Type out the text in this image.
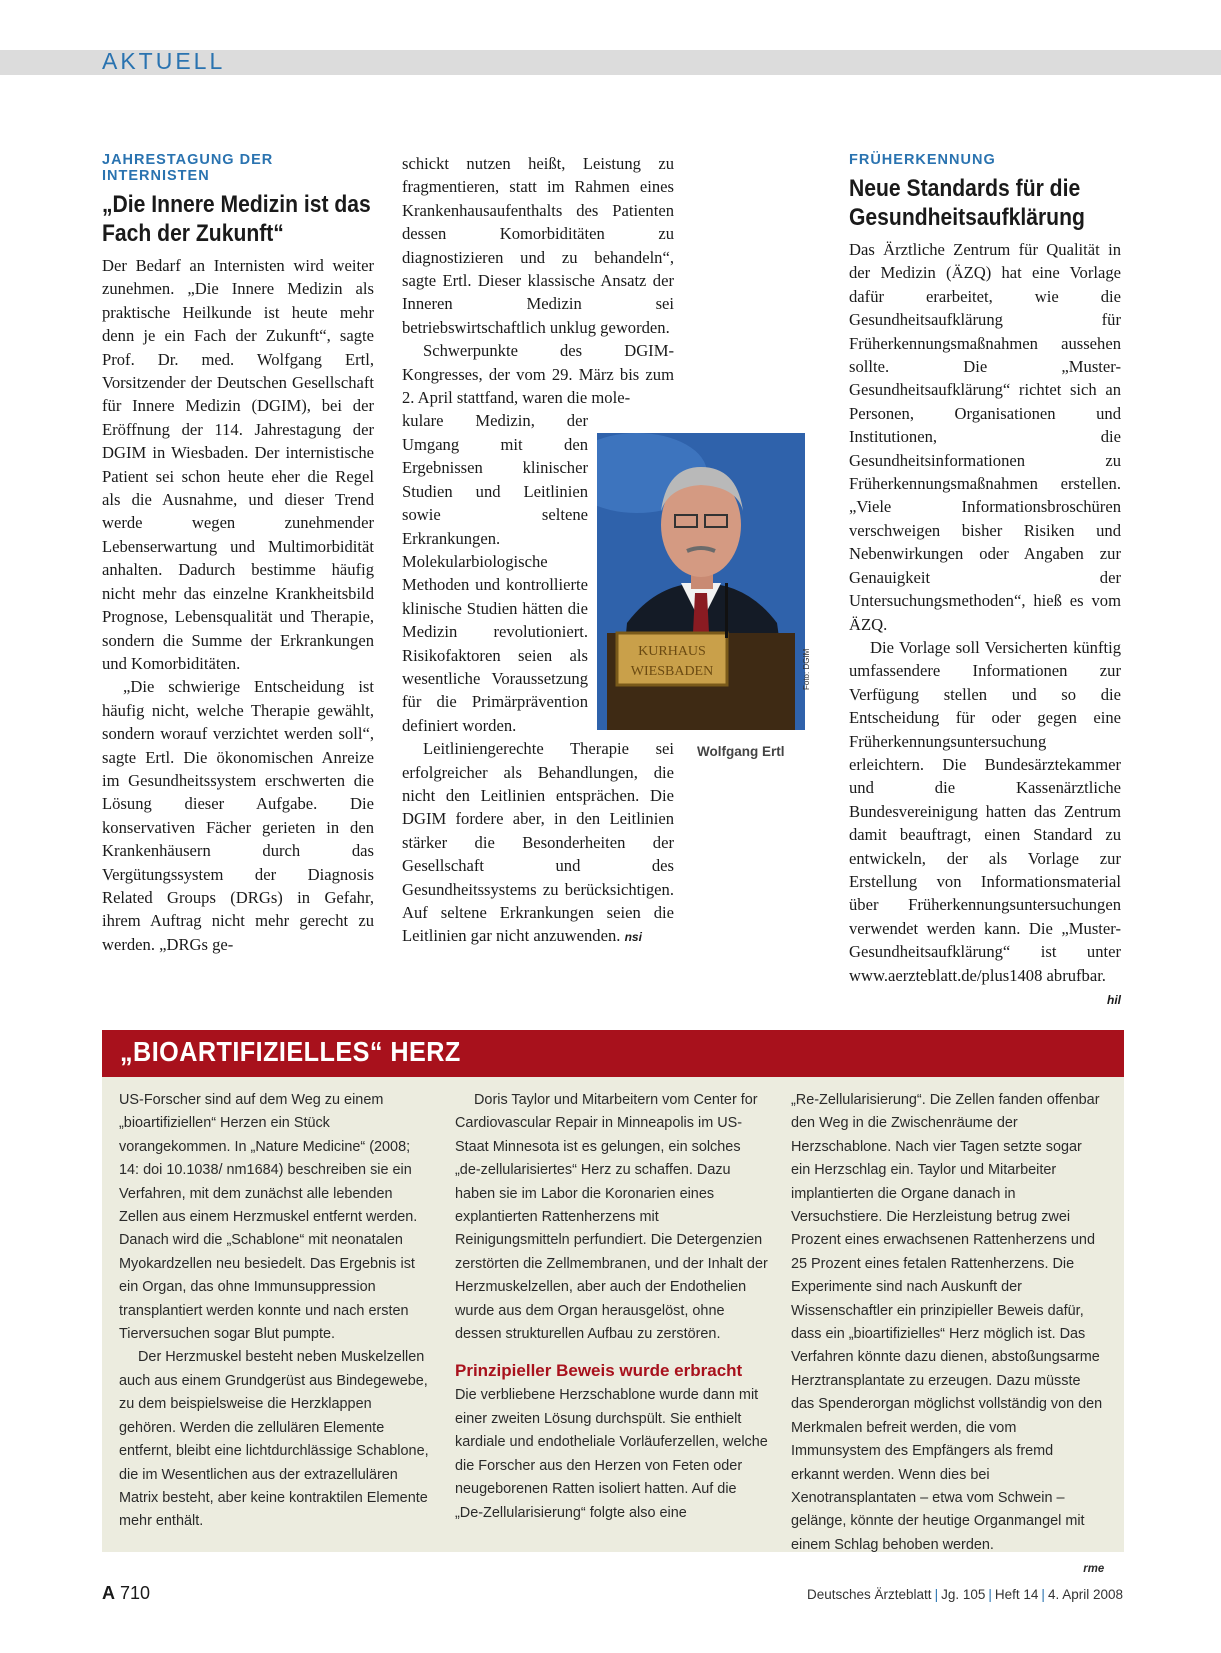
AKTUELL
JAHRESTAGUNG DER INTERNISTEN
„Die Innere Medizin ist das Fach der Zukunft“

Der Bedarf an Internisten wird weiter zunehmen. „Die Innere Medizin als praktische Heilkunde ist heute mehr denn je ein Fach der Zukunft“, sagte Prof. Dr. med. Wolfgang Ertl, Vorsitzender der Deutschen Gesellschaft für Innere Medizin (DGIM), bei der Eröffnung der 114. Jahrestagung der DGIM in Wiesbaden. Der internistische Patient sei schon heute eher die Regel als die Ausnahme, und dieser Trend werde wegen zunehmender Lebenserwartung und Multimorbidität anhalten. Dadurch bestimme häufig nicht mehr das einzelne Krankheitsbild Prognose, Lebensqualität und Therapie, sondern die Summe der Erkrankungen und Komorbiditäten.

„Die schwierige Entscheidung ist häufig nicht, welche Therapie gewählt, sondern worauf verzichtet werden soll“, sagte Ertl. Die ökonomischen Anreize im Gesundheitssystem erschwerten die Lösung dieser Aufgabe. Die konservativen Fächer gerieten in den Krankenhäusern durch das Vergütungssystem der Diagnosis Related Groups (DRGs) in Gefahr, ihrem Auftrag nicht mehr gerecht zu werden. „DRGs ge-

schickt nutzen heißt, Leistung zu fragmentieren, statt im Rahmen eines Krankenhausaufenthalts des Patienten dessen Komorbiditäten zu diagnostizieren und zu behandeln“, sagte Ertl. Dieser klassische Ansatz der Inneren Medizin sei betriebswirtschaftlich unklug geworden.

Schwerpunkte des DGIM-Kongresses, der vom 29. März bis zum 2. April stattfand, waren die mole-

kulare Medizin, der Umgang mit den Ergebnissen klinischer Studien und Leitlinien sowie seltene Erkrankungen. Molekularbiologische Methoden und kontrollierte klinische Studien hätten die Medizin revolutioniert. Risikofaktoren seien als wesentliche Voraussetzung für die Primärprävention definiert worden.

Leitliniengerechte Therapie sei erfolgreicher als Behandlungen, die nicht den Leitlinien entsprächen. Die DGIM fordere aber, in den Leitlinien stärker die Besonderheiten der Gesellschaft und des Gesundheitssystems zu berücksichtigen. Auf seltene Erkrankungen seien die Leitlinien gar nicht anzuwenden. nsi

KURHAUS
WIESBADEN	Foto: DGIM
Wolfgang Ertl
FRÜHERKENNUNG
Neue Standards für die Gesundheitsaufklärung

Das Ärztliche Zentrum für Qualität in der Medizin (ÄZQ) hat eine Vorlage dafür erarbeitet, wie die Gesundheitsaufklärung für Früherkennungsmaßnahmen aussehen sollte. Die „Muster-Gesundheitsaufklärung“ richtet sich an Personen, Organisationen und Institutionen, die Gesundheitsinformationen zu Früherkennungsmaßnahmen erstellen. „Viele Informationsbroschüren verschweigen bisher Risiken und Nebenwirkungen oder Angaben zur Genauigkeit der Untersuchungsmethoden“, hieß es vom ÄZQ.

Die Vorlage soll Versicherten künftig umfassendere Informationen zur Verfügung stellen und so die Entscheidung für oder gegen eine Früherkennungsuntersuchung erleichtern. Die Bundesärztekammer und die Kassenärztliche Bundesvereinigung hatten das Zentrum damit beauftragt, einen Standard zu entwickeln, der als Vorlage zur Erstellung von Informationsmaterial über Früherkennungsuntersuchungen verwendet werden kann. Die „Muster-Gesundheitsaufklärung“ ist unter www.aerzteblatt.de/plus1408 abrufbar.

hil

„BIOARTIFIZIELLES“ HERZ

US-Forscher sind auf dem Weg zu einem „bioartifiziellen“ Herzen ein Stück vorangekommen. In „Nature Medicine“ (2008; 14: doi 10.1038/ nm1684) beschreiben sie ein Verfahren, mit dem zunächst alle lebenden Zellen aus einem Herzmuskel entfernt werden. Danach wird die „Schablone“ mit neonatalen Myokardzellen neu besiedelt. Das Ergebnis ist ein Organ, das ohne Immunsuppression transplantiert werden konnte und nach ersten Tierversuchen sogar Blut pumpte.

Der Herzmuskel besteht neben Muskelzellen auch aus einem Grundgerüst aus Bindegewebe, zu dem beispielsweise die Herzklappen gehören. Werden die zellulären Elemente entfernt, bleibt eine lichtdurchlässige Schablone, die im Wesentlichen aus der extrazellulären Matrix besteht, aber keine kontraktilen Elemente mehr enthält.

Doris Taylor und Mitarbeitern vom Center for Cardiovascular Repair in Minneapolis im US-Staat Minnesota ist es gelungen, ein solches „de-zellularisiertes“ Herz zu schaffen. Dazu haben sie im Labor die Koronarien eines explantierten Rattenherzens mit Reinigungsmitteln perfundiert. Die Detergenzien zerstörten die Zellmembranen, und der Inhalt der Herzmuskelzellen, aber auch der Endothelien wurde aus dem Organ herausgelöst, ohne dessen strukturellen Aufbau zu zerstören.

Prinzipieller Beweis wurde erbracht

Die verbliebene Herzschablone wurde dann mit einer zweiten Lösung durchspült. Sie enthielt kardiale und endotheliale Vorläuferzellen, welche die Forscher aus den Herzen von Feten oder neugeborenen Ratten isoliert hatten. Auf die „De-Zellularisierung“ folgte also eine

„Re-Zellularisierung“. Die Zellen fanden offenbar den Weg in die Zwischenräume der Herzschablone. Nach vier Tagen setzte sogar ein Herzschlag ein. Taylor und Mitarbeiter implantierten die Organe danach in Versuchstiere. Die Herzleistung betrug zwei Prozent eines erwachsenen Rattenherzens und 25 Prozent eines fetalen Rattenherzens. Die Experimente sind nach Auskunft der Wissenschaftler ein prinzipieller Beweis dafür, dass ein „bioartifizielles“ Herz möglich ist. Das Verfahren könnte dazu dienen, abstoßungsarme Herztransplantate zu erzeugen. Dazu müsste das Spenderorgan möglichst vollständig von den Merkmalen befreit werden, die vom Immunsystem des Empfängers als fremd erkannt werden. Wenn dies bei Xenotransplantaten – etwa vom Schwein – gelänge, könnte der heutige Organmangel mit einem Schlag behoben werden.

rme

A 710	Deutsches Ärzteblatt | Jg. 105 | Heft 14 | 4. April 2008
